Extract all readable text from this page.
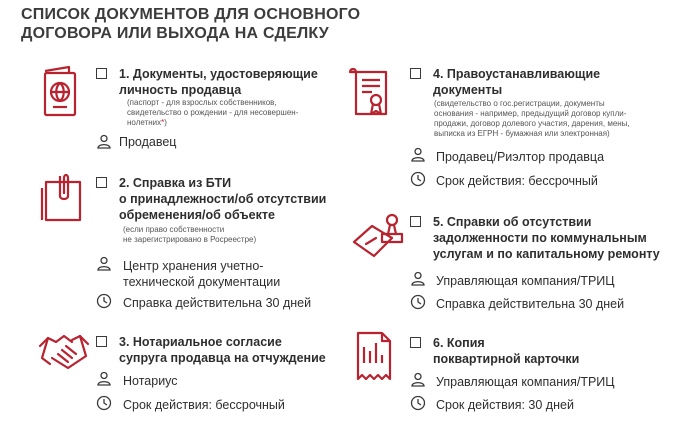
СПИСОК ДОКУМЕНТОВ ДЛЯ ОСНОВНОГО
ДОГОВОРА ИЛИ ВЫХОДА НА СДЕЛКУ
1. Документы, удостоверяющие
личность продавца
(паспорт - для взрослых собственников,
свидетельство о рождении - для несовершен-
нолетних*)
Продавец
2. Справка из БТИ
о принадлежности/об отсутствии
обременения/об объекте
(если право собственности
не зарегистрировано в Росреестре)
Центр хранения учетно-
технической документации
Справка действительна 30 дней
3. Нотариальное согласие
супруга продавца на отчуждение
Нотариус
Срок действия: бессрочный
4. Правоустанавливающие
документы
(свидетельство о гос.регистрации, документы
основания - например, предыдущий договор купли-
продажи, договор долевого участия, дарения, мены,
выписка из ЕГРН - бумажная или электронная)
Продавец/Риэлтор продавца
Срок действия: бессрочный
5. Справки об отсутствии
задолженности по коммунальным
услугам и по капитальному ремонту
Управляющая компания/ТРИЦ
Справка действительна 30 дней
6. Копия
поквартирной карточки
Управляющая компания/ТРИЦ
Срок действия: 30 дней
